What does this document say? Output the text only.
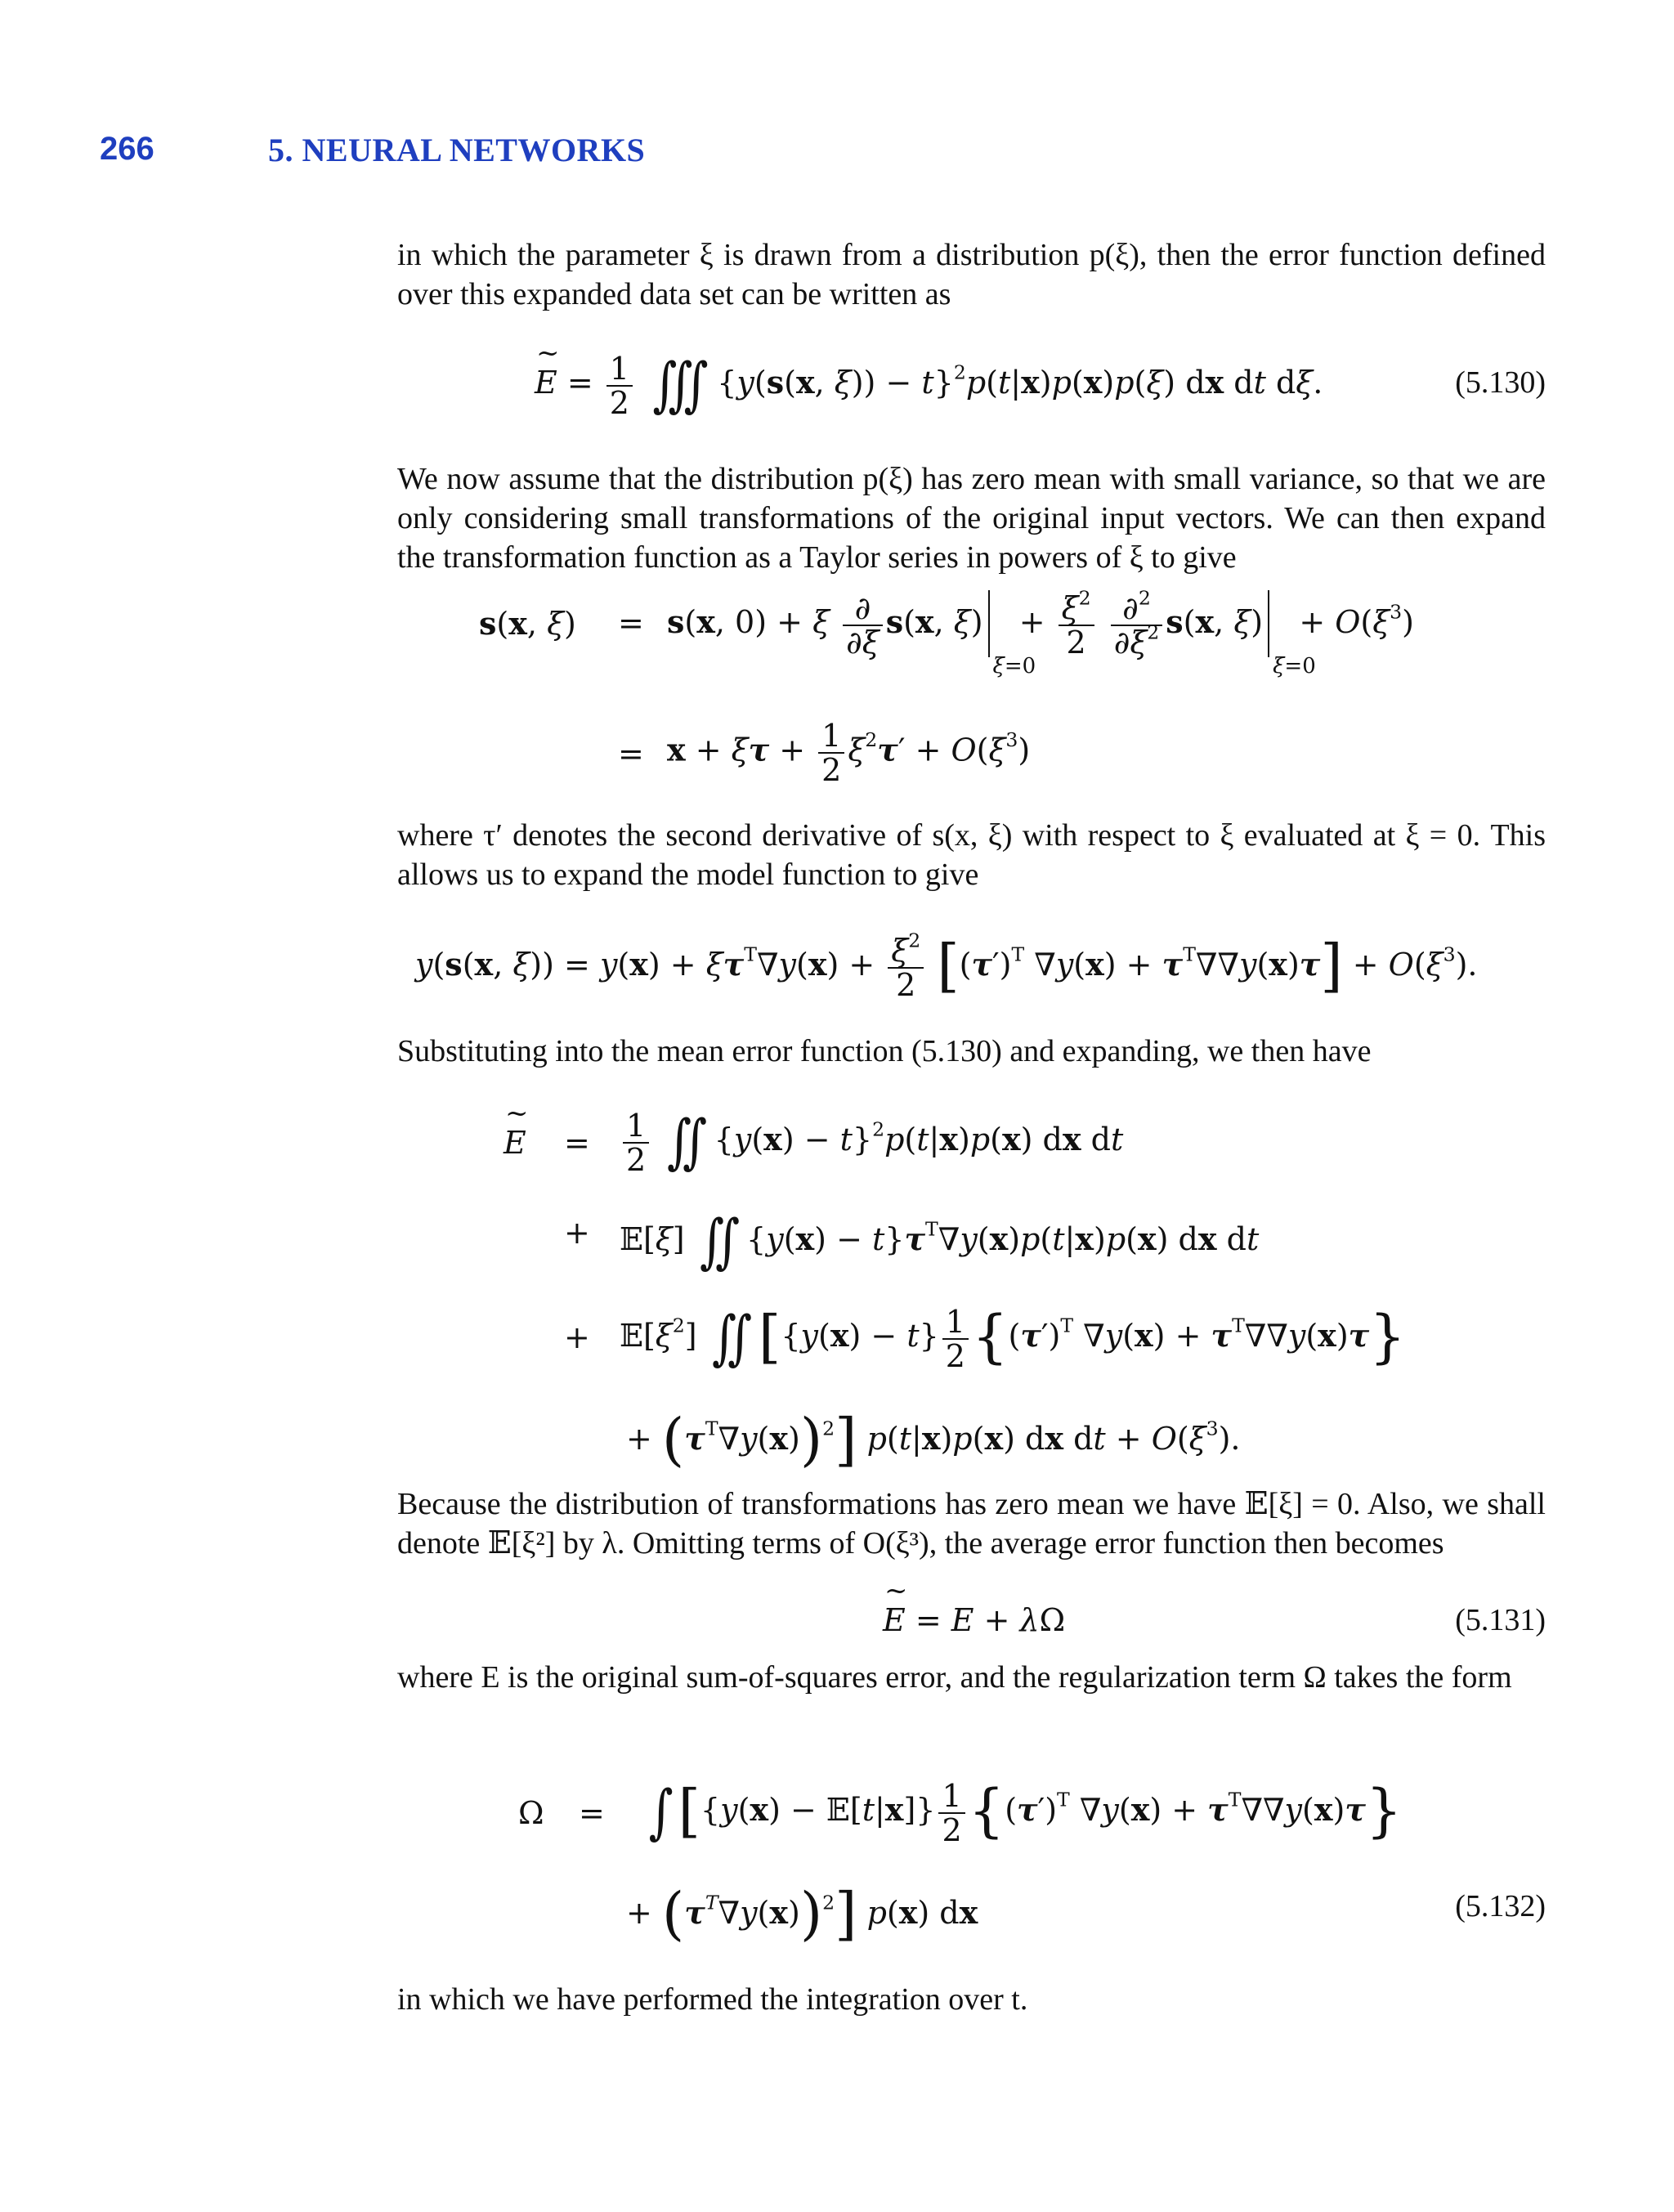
266	5. NEURAL NETWORKS

in which the parameter ξ is drawn from a distribution p(ξ), then the error function defined over this expanded data set can be written as

~ $E = \frac{1}{2}$ ∭ {y(s(x, ξ)) − t}$^2$p(t|x)p(x)p(ξ) dx dt dξ.	(5.130)

We now assume that the distribution p(ξ) has zero mean with small variance, so that we are only considering small transformations of the original input vectors. We can then expand the transformation function as a Taylor series in powers of ξ to give

s(x, ξ) = s(x, 0) + ξ $\frac{\partial}{\partial\xi} s(x$, ξ)
ξ=0
+ $\frac{\xi^2}{2}$
$\frac{\partial^2}{\partial\xi^2} s(x$, ξ)
ξ=0
+ $O(\xi^3)$
= $x + \xi\tau + \frac{1}{2} \xi^2\tau' + O(\xi^3)$

where τ′ denotes the second derivative of s(x, ξ) with respect to ξ evaluated at ξ = 0. This allows us to expand the model function to give

y(s(x, $\xi)) = y(x) + \xi\tau^T\nabla y(x) + \frac{\xi^2}{2} [(\tau')^T$ $\nabla y(x) + \tau^T\nabla\nabla y(x)\tau] + O(\xi^3)$.

Substituting into the mean error function (5.130) and expanding, we then have

~ $E = \frac{1}{2}$ ∬ $\{y(x) - t\}^2p(t|x)p(x)$ dx dt
+ 𝔼[ξ] ∬ $\{y(x) - t\}\tau^T\nabla y(x)p(t|x)p(x)$ dx dt
+ $𝔼[\xi^2]$ ∬ [$\{y(x) - t\} \frac{1}{2} \{(\tau')^T$ $\nabla y(x) + \tau^T\nabla\nabla y(x)\tau$}
+ $(\tau^T\nabla y(x))^2$] p(t|x)p(x) dx dt + $O(\xi^3)$.

Because the distribution of transformations has zero mean we have 𝔼[ξ] = 0. Also, we shall denote 𝔼[ξ²] by λ. Omitting terms of O(ξ³), the average error function then becomes

~ E = E + λΩ	(5.131)

where E is the original sum-of-squares error, and the regularization term Ω takes the form

Ω = ∫ [{y(x) − 𝔼[t|x]} $\frac{1}{2} \{(\tau')^T$ $\nabla y(x) + \tau^T\nabla\nabla y(x)\tau$}
+ $(\tau^T\nabla y(x))^2$] p(x) dx	(5.132)

in which we have performed the integration over t.
